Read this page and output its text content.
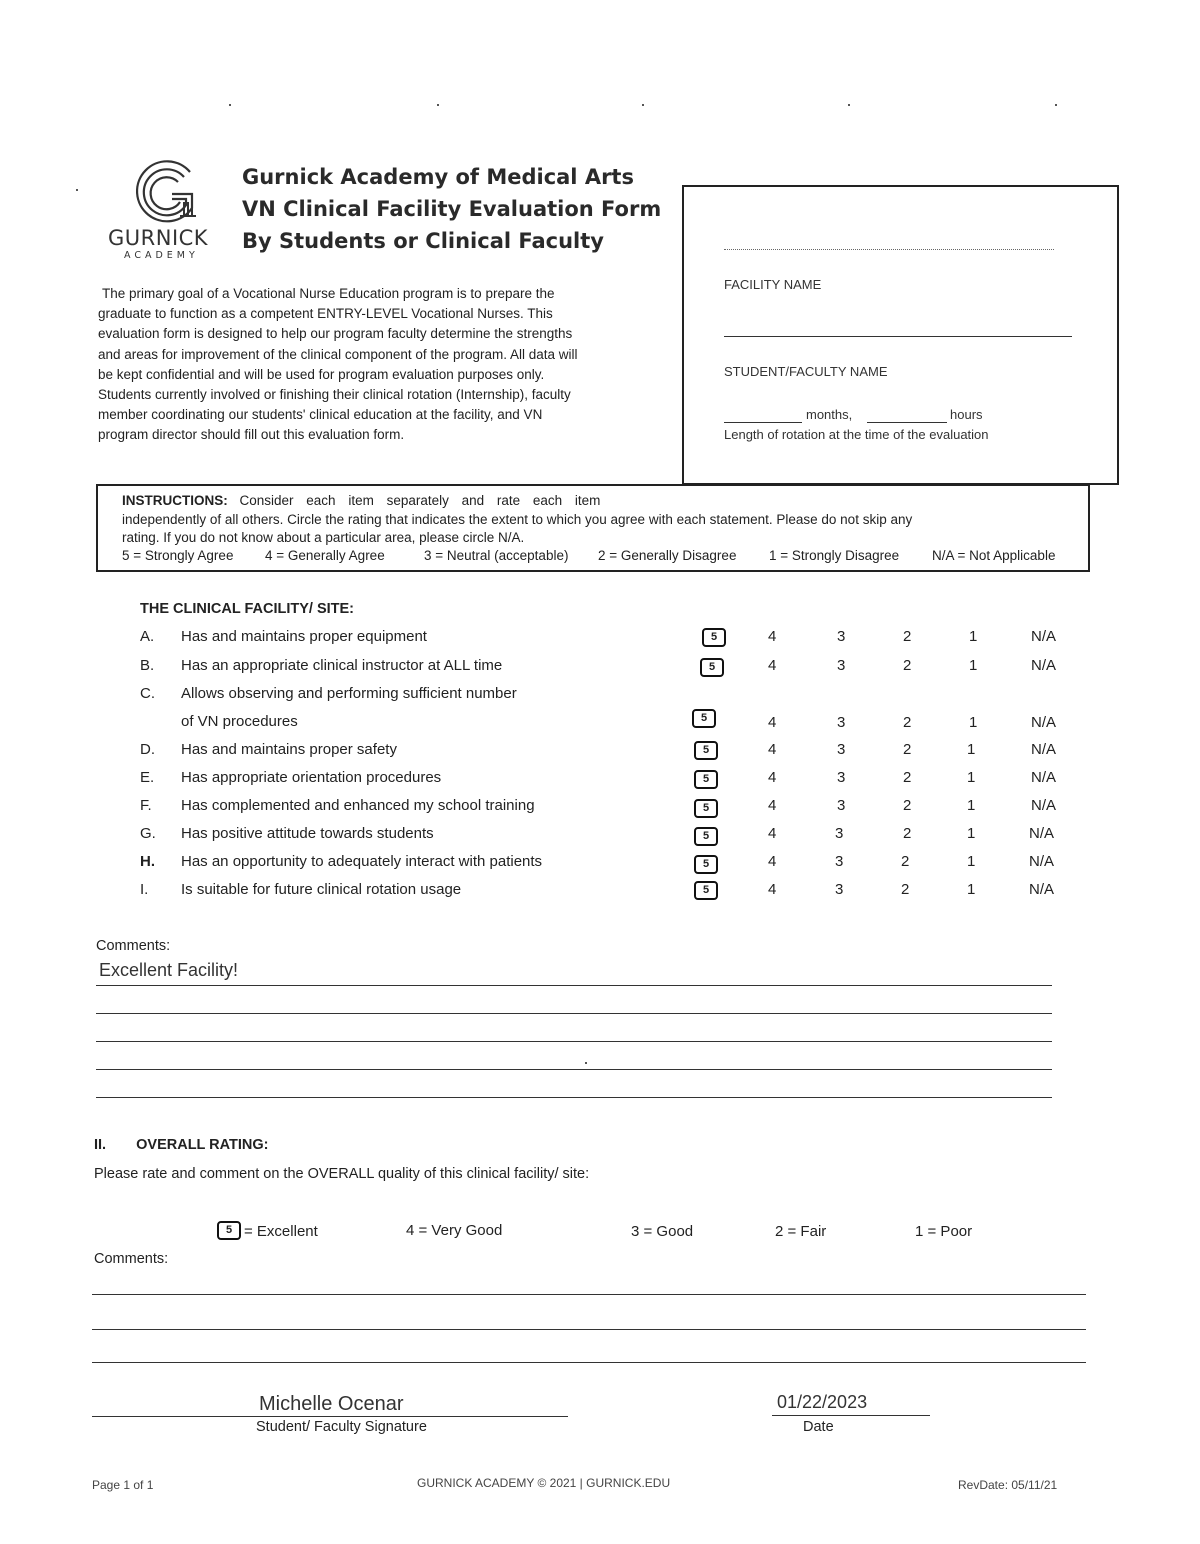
GURNICK
ACADEMY
Gurnick Academy of Medical Arts
VN Clinical Facility Evaluation Form
By Students or Clinical Faculty

The primary goal of a Vocational Nurse Education program is to prepare the

graduate to function as a competent ENTRY-LEVEL Vocational Nurses. This

evaluation form is designed to help our program faculty determine the strengths

and areas for improvement of the clinical component of the program. All data will

be kept confidential and will be used for program evaluation purposes only.

Students currently involved or finishing their clinical rotation (Internship), faculty

member coordinating our students' clinical education at the facility, and VN

program director should fill out this evaluation form.

FACILITY NAME
STUDENT/FACULTY NAME
months,	hours
Length of rotation at the time of the evaluation
INSTRUCTIONS: Consider each item separately and rate each item
independently of all others. Circle the rating that indicates the extent to which you agree with each statement. Please do not skip any
rating. If you do not know about a particular area, please circle N/A.
5 = Strongly Agree 4 = Generally Agree	3 = Neutral (acceptable) 2 = Generally Disagree 1 = Strongly Disagree N/A = Not Applicable
THE CLINICAL FACILITY/ SITE:
A. Has and maintains proper equipment	5	4	3	2	1	N/A
B. Has an appropriate clinical instructor at ALL time	5	4	3	2	1	N/A
C. Allows observing and performing sufficient number
of VN procedures	5	4	3	2	1	N/A
D. Has and maintains proper safety	5	4	3	2	1	N/A
E. Has appropriate orientation procedures	5	4	3	2	1	N/A
F. Has complemented and enhanced my school training	5	4	3	2	1	N/A
G. Has positive attitude towards students	5	4	3	2	1	N/A
H. Has an opportunity to adequately interact with patients	5	4	3	2	1	N/A
I. Is suitable for future clinical rotation usage	5	4	3	2	1	N/A
Comments:
Excellent Facility!
II. OVERALL RATING:
Please rate and comment on the OVERALL quality of this clinical facility/ site:
5 = Excellent	4 = Very Good	3 = Good	2 = Fair	1 = Poor
Comments:
Michelle Ocenar
Student/ Faculty Signature
01/22/2023
Date
Page 1 of 1	GURNICK ACADEMY © 2021 | GURNICK.EDU	RevDate: 05/11/21
